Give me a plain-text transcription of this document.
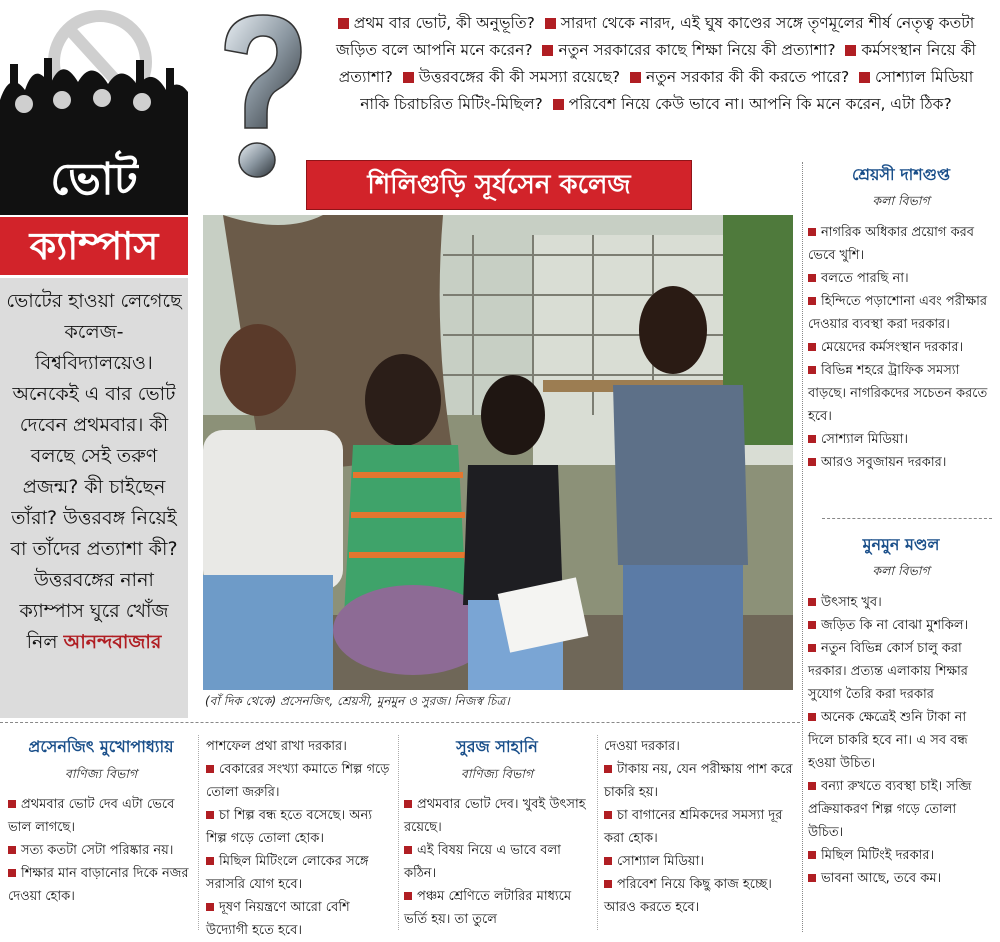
ভোট
ক্যাম্পাস
ভোটের হাওয়া লেগেছে কলেজ-বিশ্ববিদ্যালয়েও। অনেকেই এ বার ভোট দেবেন প্রথমবার। কী বলছে সেই তরুণ প্রজন্ম? কী চাইছেন তাঁরা? উত্তরবঙ্গ নিয়েই বা তাঁদের প্রত্যাশা কী? উত্তরবঙ্গের নানা ক্যাম্পাস ঘুরে খোঁজ নিল আনন্দবাজার
প্রথম বার ভোট, কী অনুভূতি? সারদা থেকে নারদ, এই ঘুষ কাণ্ডের সঙ্গে তৃণমূলের শীর্ষ নেতৃত্ব কতটা জড়িত বলে আপনি মনে করেন? নতুন সরকারের কাছে শিক্ষা নিয়ে কী প্রত্যাশা? কর্মসংস্থান নিয়ে কী প্রত্যাশা? উত্তরবঙ্গের কী কী সমস্যা রয়েছে? নতুন সরকার কী কী করতে পারে? সোশ্যাল মিডিয়া নাকি চিরাচরিত মিটিং-মিছিল? পরিবেশ নিয়ে কেউ ভাবে না। আপনি কি মনে করেন, এটা ঠিক?
শিলিগুড়ি সূর্যসেন কলেজ
(বাঁ দিক থেকে) প্রসেনজিৎ, শ্রেয়সী, মুনমুন ও সুরজ। নিজস্ব চিত্র।
শ্রেয়সী দাশগুপ্ত
কলা বিভাগ
নাগরিক অধিকার প্রয়োগ করব ভেবে খুশি।
বলতে পারছি না।
হিন্দিতে পড়াশোনা এবং পরীক্ষার দেওয়ার ব্যবস্থা করা দরকার।
মেয়েদের কর্মসংস্থান দরকার।
বিভিন্ন শহরে ট্রাফিক সমস্যা বাড়ছে। নাগরিকদের সচেতন করতে হবে।
সোশ্যাল মিডিয়া।
আরও সবুজায়ন দরকার।
মুনমুন মণ্ডল
কলা বিভাগ
উৎসাহ খুব।
জড়িত কি না বোঝা মুশকিল।
নতুন বিভিন্ন কোর্স চালু করা দরকার। প্রত্যন্ত এলাকায় শিক্ষার সুযোগ তৈরি করা দরকার
অনেক ক্ষেত্রেই শুনি টাকা না দিলে চাকরি হবে না। এ সব বন্ধ হওয়া উচিত।
বন্যা রুখতে ব্যবস্থা চাই। সব্জি প্রক্রিয়াকরণ শিল্প গড়ে তোলা উচিত।
মিছিল মিটিংই দরকার।
ভাবনা আছে, তবে কম।
প্রসেনজিৎ মুখোপাধ্যায়
বাণিজ্য বিভাগ
প্রথমবার ভোট দেব এটা ভেবে ভাল লাগছে।
সত্য কতটা সেটা পরিষ্কার নয়।
শিক্ষার মান বাড়ানোর দিকে নজর দেওয়া হোক।
পাশফেল প্রথা রাখা দরকার।
বেকারের সংখ্যা কমাতে শিল্প গড়ে তোলা জরুরি।
চা শিল্প বন্ধ হতে বসেছে। অন্য শিল্প গড়ে তোলা হোক।
মিছিল মিটিংলে লোকের সঙ্গে সরাসরি যোগ হবে।
দূষণ নিয়ন্ত্রণে আরো বেশি উদ্যোগী হতে হবে।
সুরজ সাহানি
বাণিজ্য বিভাগ
প্রথমবার ভোট দেব। খুবই উৎসাহ রয়েছে।
এই বিষয় নিয়ে এ ভাবে বলা কঠিন।
পঞ্চম শ্রেণিতে লটারির মাধ্যমে ভর্তি হয়। তা তুলে
দেওয়া দরকার।
টাকায় নয়, যেন পরীক্ষায় পাশ করে চাকরি হয়।
চা বাগানের শ্রমিকদের সমস্যা দূর করা হোক।
সোশ্যাল মিডিয়া।
পরিবেশ নিয়ে কিছু কাজ হচ্ছে। আরও করতে হবে।
